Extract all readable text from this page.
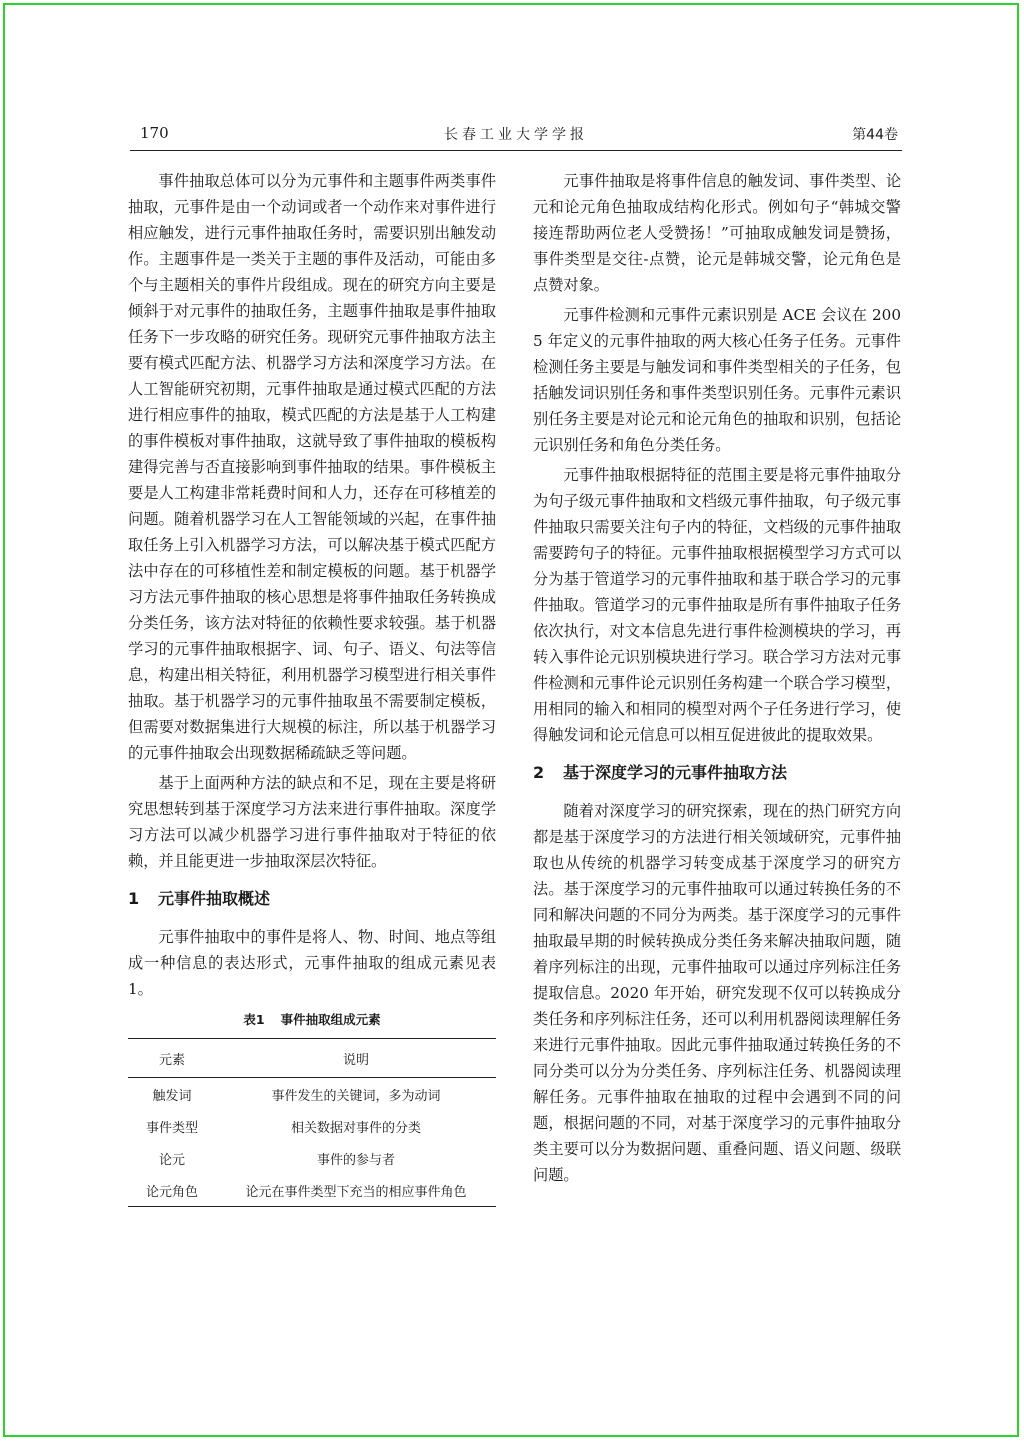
170	长春工业大学学报	第44卷

事件抽取总体可以分为元事件和主题事件两类事件抽取，元事件是由一个动词或者一个动作来对事件进行相应触发，进行元事件抽取任务时，需要识别出触发动作。主题事件是一类关于主题的事件及活动，可能由多个与主题相关的事件片段组成。现在的研究方向主要是倾斜于对元事件的抽取任务，主题事件抽取是事件抽取任务下一步攻略的研究任务。现研究元事件抽取方法主要有模式匹配方法、机器学习方法和深度学习方法。在人工智能研究初期，元事件抽取是通过模式匹配的方法进行相应事件的抽取，模式匹配的方法是基于人工构建的事件模板对事件抽取，这就导致了事件抽取的模板构建得完善与否直接影响到事件抽取的结果。事件模板主要是人工构建非常耗费时间和人力，还存在可移植差的问题。随着机器学习在人工智能领域的兴起，在事件抽取任务上引入机器学习方法，可以解决基于模式匹配方法中存在的可移植性差和制定模板的问题。基于机器学习方法元事件抽取的核心思想是将事件抽取任务转换成分类任务，该方法对特征的依赖性要求较强。基于机器学习的元事件抽取根据字、词、句子、语义、句法等信息，构建出相关特征，利用机器学习模型进行相关事件抽取。基于机器学习的元事件抽取虽不需要制定模板，但需要对数据集进行大规模的标注，所以基于机器学习的元事件抽取会出现数据稀疏缺乏等问题。

基于上面两种方法的缺点和不足，现在主要是将研究思想转到基于深度学习方法来进行事件抽取。深度学习方法可以减少机器学习进行事件抽取对于特征的依赖，并且能更进一步抽取深层次特征。

1 元事件抽取概述

元事件抽取中的事件是将人、物、时间、地点等组成一种信息的表达形式，元事件抽取的组成元素见表1。

表1 事件抽取组成元素
元素	说明
触发词	事件发生的关键词，多为动词
事件类型	相关数据对事件的分类
论元	事件的参与者
论元角色	论元在事件类型下充当的相应事件角色

元事件抽取是将事件信息的触发词、事件类型、论元和论元角色抽取成结构化形式。例如句子“韩城交警接连帮助两位老人受赞扬！”可抽取成触发词是赞扬，事件类型是交往-点赞，论元是韩城交警，论元角色是点赞对象。

元事件检测和元事件元素识别是 ACE 会议在 2005 年定义的元事件抽取的两大核心任务子任务。元事件检测任务主要是与触发词和事件类型相关的子任务，包括触发词识别任务和事件类型识别任务。元事件元素识别任务主要是对论元和论元角色的抽取和识别，包括论元识别任务和角色分类任务。

元事件抽取根据特征的范围主要是将元事件抽取分为句子级元事件抽取和文档级元事件抽取，句子级元事件抽取只需要关注句子内的特征，文档级的元事件抽取需要跨句子的特征。元事件抽取根据模型学习方式可以分为基于管道学习的元事件抽取和基于联合学习的元事件抽取。管道学习的元事件抽取是所有事件抽取子任务依次执行，对文本信息先进行事件检测模块的学习，再转入事件论元识别模块进行学习。联合学习方法对元事件检测和元事件论元识别任务构建一个联合学习模型，用相同的输入和相同的模型对两个子任务进行学习，使得触发词和论元信息可以相互促进彼此的提取效果。

2 基于深度学习的元事件抽取方法

随着对深度学习的研究探索，现在的热门研究方向都是基于深度学习的方法进行相关领域研究，元事件抽取也从传统的机器学习转变成基于深度学习的研究方法。基于深度学习的元事件抽取可以通过转换任务的不同和解决问题的不同分为两类。基于深度学习的元事件抽取最早期的时候转换成分类任务来解决抽取问题，随着序列标注的出现，元事件抽取可以通过序列标注任务提取信息。2020 年开始，研究发现不仅可以转换成分类任务和序列标注任务，还可以利用机器阅读理解任务来进行元事件抽取。因此元事件抽取通过转换任务的不同分类可以分为分类任务、序列标注任务、机器阅读理解任务。元事件抽取在抽取的过程中会遇到不同的问题，根据问题的不同，对基于深度学习的元事件抽取分类主要可以分为数据问题、重叠问题、语义问题、级联问题。
